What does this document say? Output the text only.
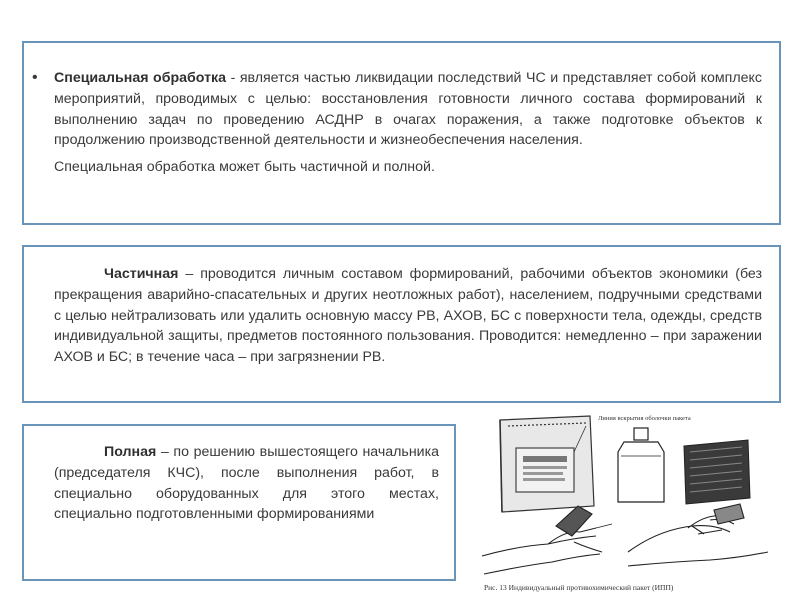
• Специальная обработка - является частью ликвидации последствий ЧС и представляет собой комплекс мероприятий, проводимых с целью: восстановления готовности личного состава формирований к выполнению задач по проведению АСДНР в очагах поражения, а также подготовке объектов к продолжению производственной деятельности и жизнеобеспечения населения.

Специальная обработка может быть частичной и полной.

Частичная – проводится личным составом формирований, рабочими объектов экономики (без прекращения аварийно-спасательных и других неотложных работ), населением, подручными средствами с целью нейтрализовать или удалить основную массу РВ, АХОВ, БС с поверхности тела, одежды, средств индивидуальной защиты, предметов постоянного пользования. Проводится: немедленно – при заражении АХОВ и БС; в течение часа – при загрязнении РВ.

Полная – по решению вышестоящего начальника (председателя КЧС), после выполнения работ, в специально оборудованных для этого местах, специально подготовленными формированиями

Линия вскрытия оболочки пакета
Рис. 13 Индивидуальный противохимический пакет (ИПП)
